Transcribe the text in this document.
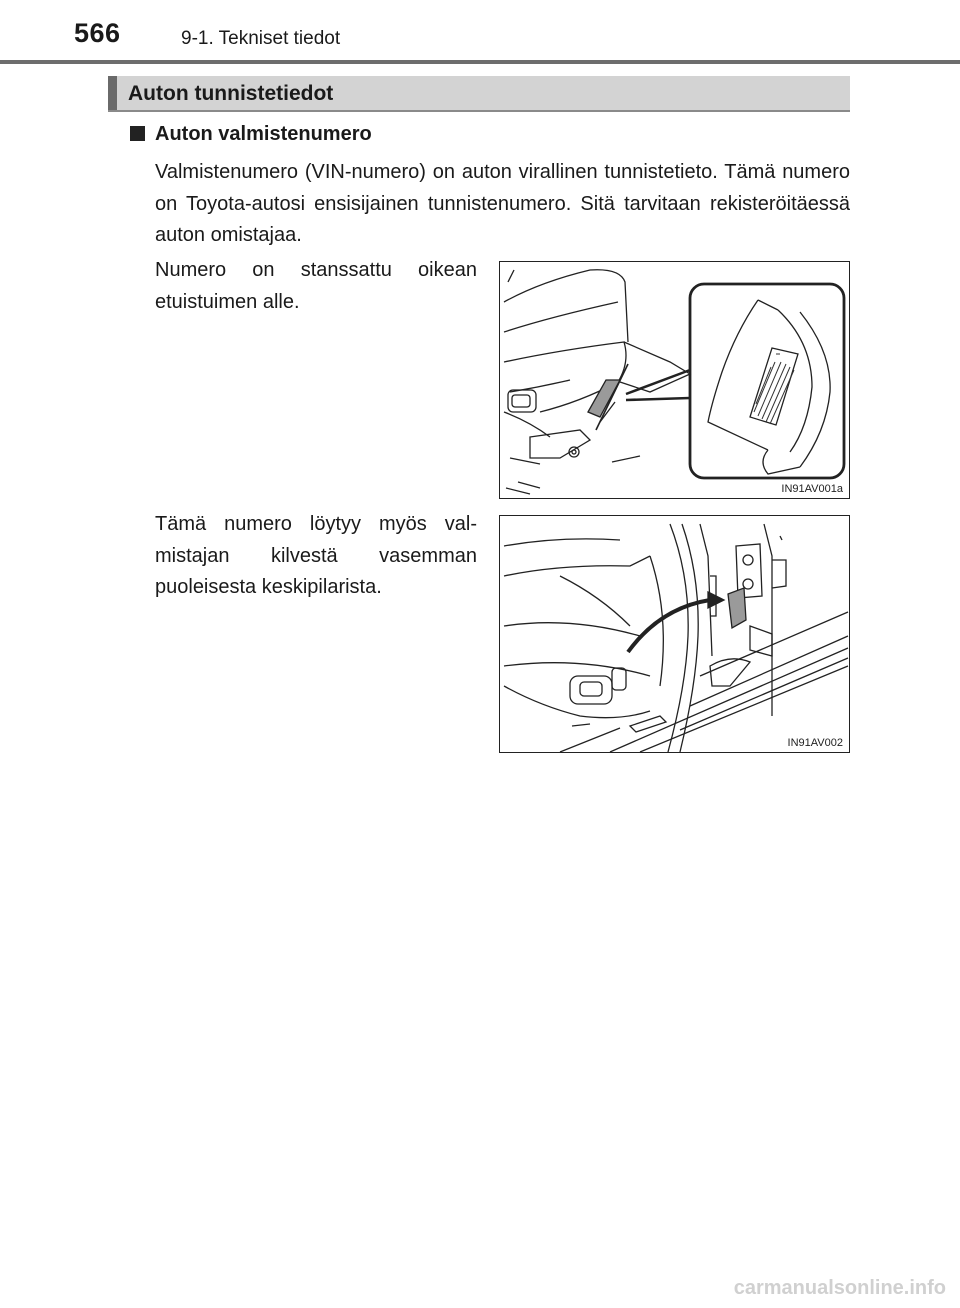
566	9-1. Tekniset tiedot
Auton tunnistetiedot
Auton valmistenumero
Valmistenumero (VIN-numero) on auton virallinen tunnistetieto. Tämä numero on Toyota-autosi ensisijainen tunnistenumero. Sitä tarvitaan rekisteröitäessä auton omistajaa.
Numero on stanssattu oikean etuistuimen alle.
IN91AV001a
Tämä numero löytyy myös val-mistajan kilvestä vasemman puoleisesta keskipilarista.
IN91AV002
carmanualsonline.info
